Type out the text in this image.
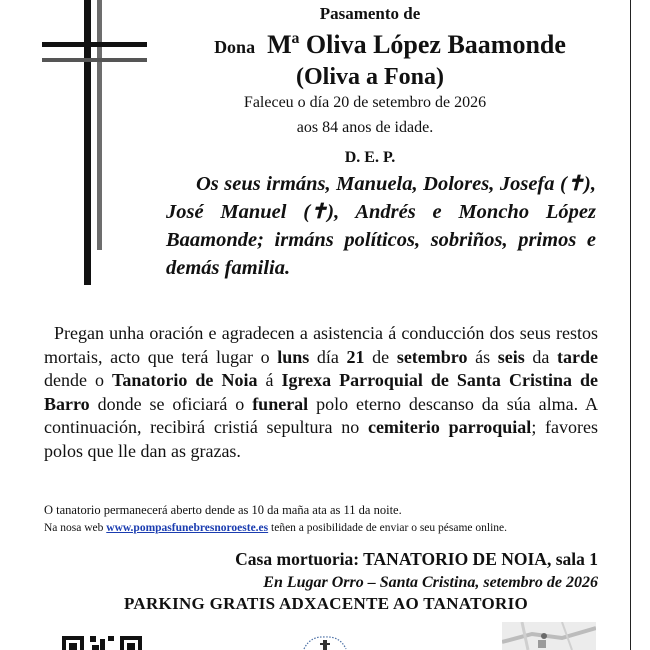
Pasamento de
Dona Mª Oliva López Baamonde
(Oliva a Fona)
Faleceu o día 20 de setembro de 2026
aos 84 anos de idade.
D. E. P.
Os seus irmáns, Manuela, Dolores, Josefa (✝), José Manuel (✝), Andrés e Moncho López Baamonde; irmáns políticos, sobriños, primos e demás familia.
Pregan unha oración e agradecen a asistencia á conducción dos seus restos mortais, acto que terá lugar o luns día 21 de setembro ás seis da tarde dende o Tanatorio de Noia á Igrexa Parroquial de Santa Cristina de Barro donde se oficiará o funeral polo eterno descanso da súa alma. A continuación, recibirá cristiá sepultura no cemiterio parroquial; favores polos que lle dan as grazas.
O tanatorio permanecerá aberto dende as 10 da maña ata as 11 da noite.
Na nosa web www.pompasfunebresnoroeste.es teñen a posibilidade de enviar o seu pésame online.
Casa mortuoria: TANATORIO DE NOIA, sala 1
En Lugar Orro – Santa Cristina, setembro de 2026
PARKING GRATIS ADXACENTE AO TANATORIO
